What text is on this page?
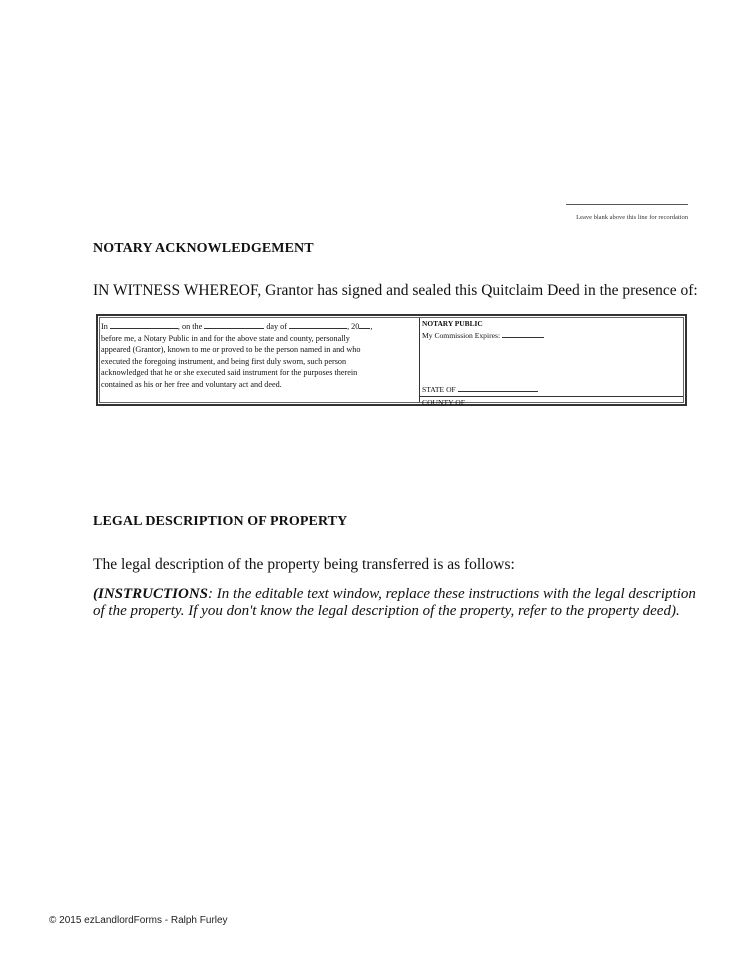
Leave blank above this line for recordation
NOTARY ACKNOWLEDGEMENT
IN WITNESS WHEREOF, Grantor has signed and sealed this Quitclaim Deed in the presence of:
In	, on the	day of	, 20 ,
before me, a Notary Public in and for the above state and county, personally
appeared (Grantor), known to me or proved to be the person named in and who
executed the foregoing instrument, and being first duly sworn, such person
acknowledged that he or she executed said instrument for the purposes therein
contained as his or her free and voluntary act and deed.
NOTARY PUBLIC
My Commission Expires:
STATE OF
COUNTY OF
LEGAL DESCRIPTION OF PROPERTY
The legal description of the property being transferred is as follows:
(INSTRUCTIONS: In the editable text window, replace these instructions with the legal description of the property. If you don't know the legal description of the property, refer to the property deed).
© 2015 ezLandlordForms - Ralph Furley
